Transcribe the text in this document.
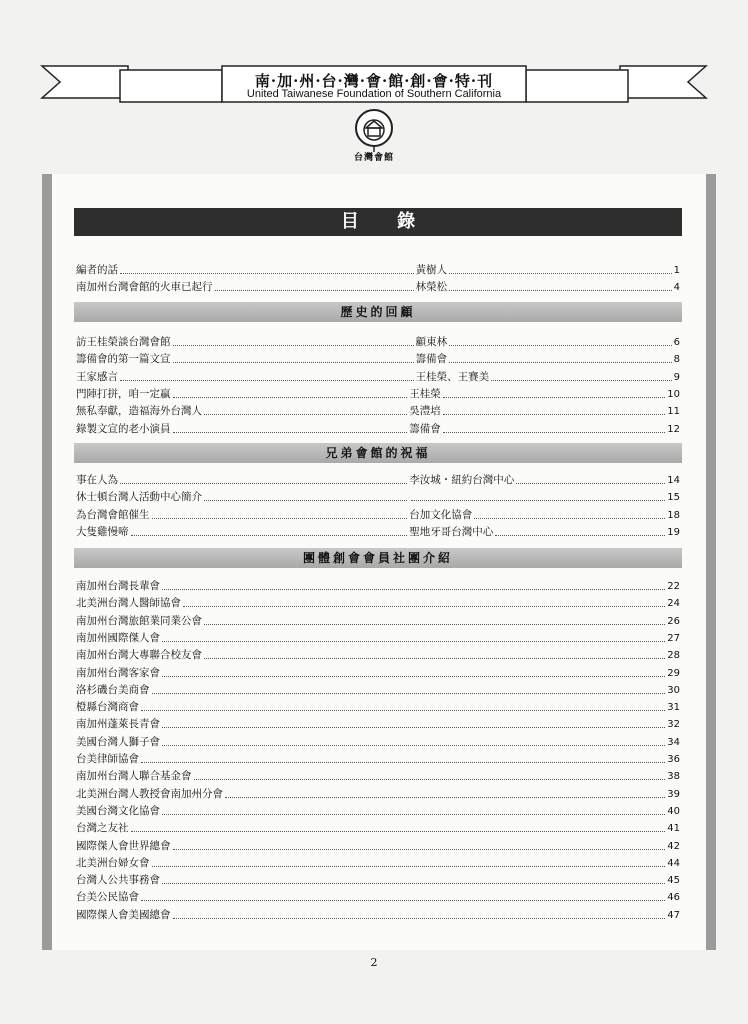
南·加·州·台·灣·會·館·創·會·特·刊
United Taiwanese Foundation of Southern California
台灣會館
目 錄
編者的話	黃樹人	1
南加州台灣會館的火車已起行	林榮松	4
歷史的回顧
訪王桂榮談台灣會館	顧東林	6
籌備會的第一篇文宣	籌備會	8
王家感言	王桂榮、王賽美	9
門陣打拼，咱一定贏	王桂榮	10
無私奉獻，造福海外台灣人	吳澧培	11
錄製文宣的老小演員	籌備會	12
兄弟會館的祝福
事在人為	李汝城・紐約台灣中心	14
休士頓台灣人活動中心簡介	15
為台灣會館催生	台加文化協會	18
大隻雞慢啼	聖地牙哥台灣中心	19
團體創會會員社團介紹
南加州台灣長輩會	22
北美洲台灣人醫師協會	24
南加州台灣旅館業同業公會	26
南加州國際傑人會	27
南加州台灣大專聯合校友會	28
南加州台灣客家會	29
洛杉磯台美商會	30
橙縣台灣商會	31
南加州蓬萊長青會	32
美國台灣人獅子會	34
台美律師協會	36
南加州台灣人聯合基金會	38
北美洲台灣人教授會南加州分會	39
美國台灣文化協會	40
台灣之友社	41
國際傑人會世界總會	42
北美洲台婦女會	44
台灣人公共事務會	45
台美公民協會	46
國際傑人會美國總會	47
2
